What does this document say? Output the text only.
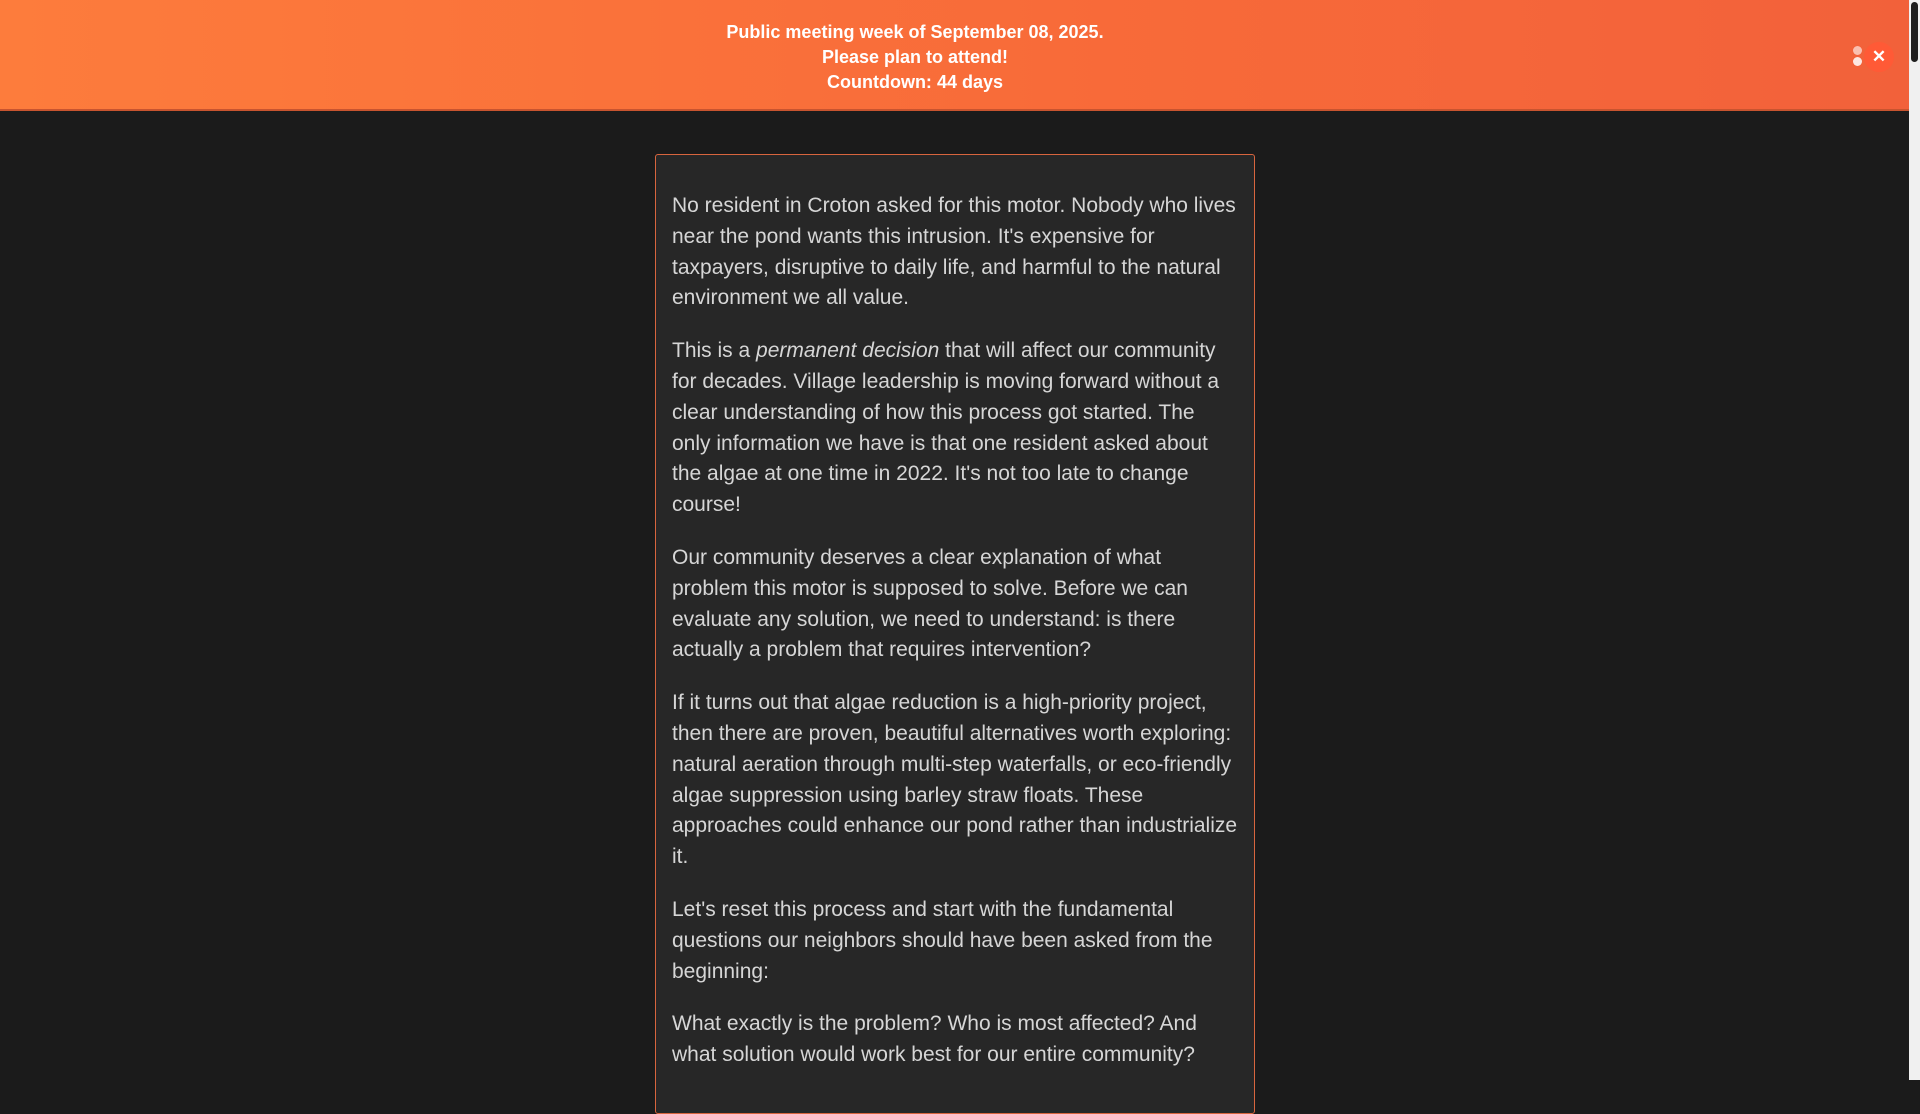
Public meeting week of September 08, 2025.
Please plan to attend!
Countdown: 44 days
✕

No resident in Croton asked for this motor. Nobody who lives near the pond wants this intrusion. It's expensive for taxpayers, disruptive to daily life, and harmful to the natural environment we all value.

This is a permanent decision that will affect our community for decades. Village leadership is moving forward without a clear understanding of how this process got started. The only information we have is that one resident asked about the algae at one time in 2022. It's not too late to change course!

Our community deserves a clear explanation of what problem this motor is supposed to solve. Before we can evaluate any solution, we need to understand: is there actually a problem that requires intervention?

If it turns out that algae reduction is a high-priority project, then there are proven, beautiful alternatives worth exploring: natural aeration through multi-step waterfalls, or eco-friendly algae suppression using barley straw floats. These approaches could enhance our pond rather than industrialize it.

Let's reset this process and start with the fundamental questions our neighbors should have been asked from the beginning:

What exactly is the problem? Who is most affected? And what solution would work best for our entire community?
